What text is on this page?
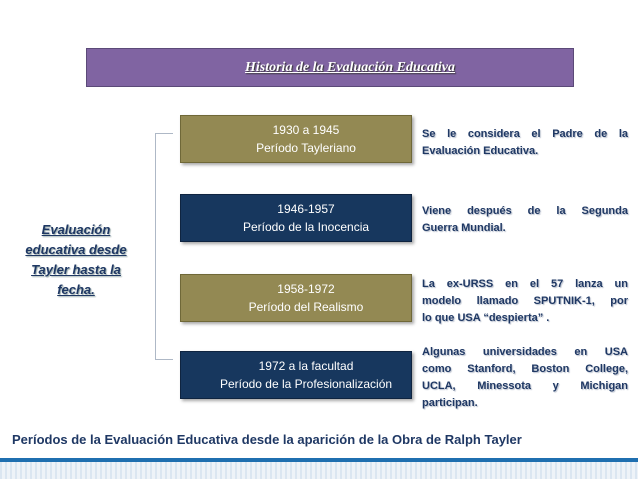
Historia de la Evaluación Educativa
Evaluación
educativa desde
Tayler hasta la
fecha.
1930 a 1945
Período Tayleriano
Se le considera el Padre de la
Evaluación Educativa.
1946-1957
Período de la Inocencia
Viene después de la Segunda
Guerra Mundial.
1958-1972
Período del Realismo
La ex-URSS en el 57 lanza un
modelo llamado SPUTNIK-1, por
lo que USA “despierta” .
1972 a la facultad
Período de la Profesionalización
Algunas universidades en USA
como Stanford, Boston College,
UCLA, Minessota y Michigan
participan.
Períodos de la Evaluación Educativa desde la aparición de la Obra de Ralph Tayler
